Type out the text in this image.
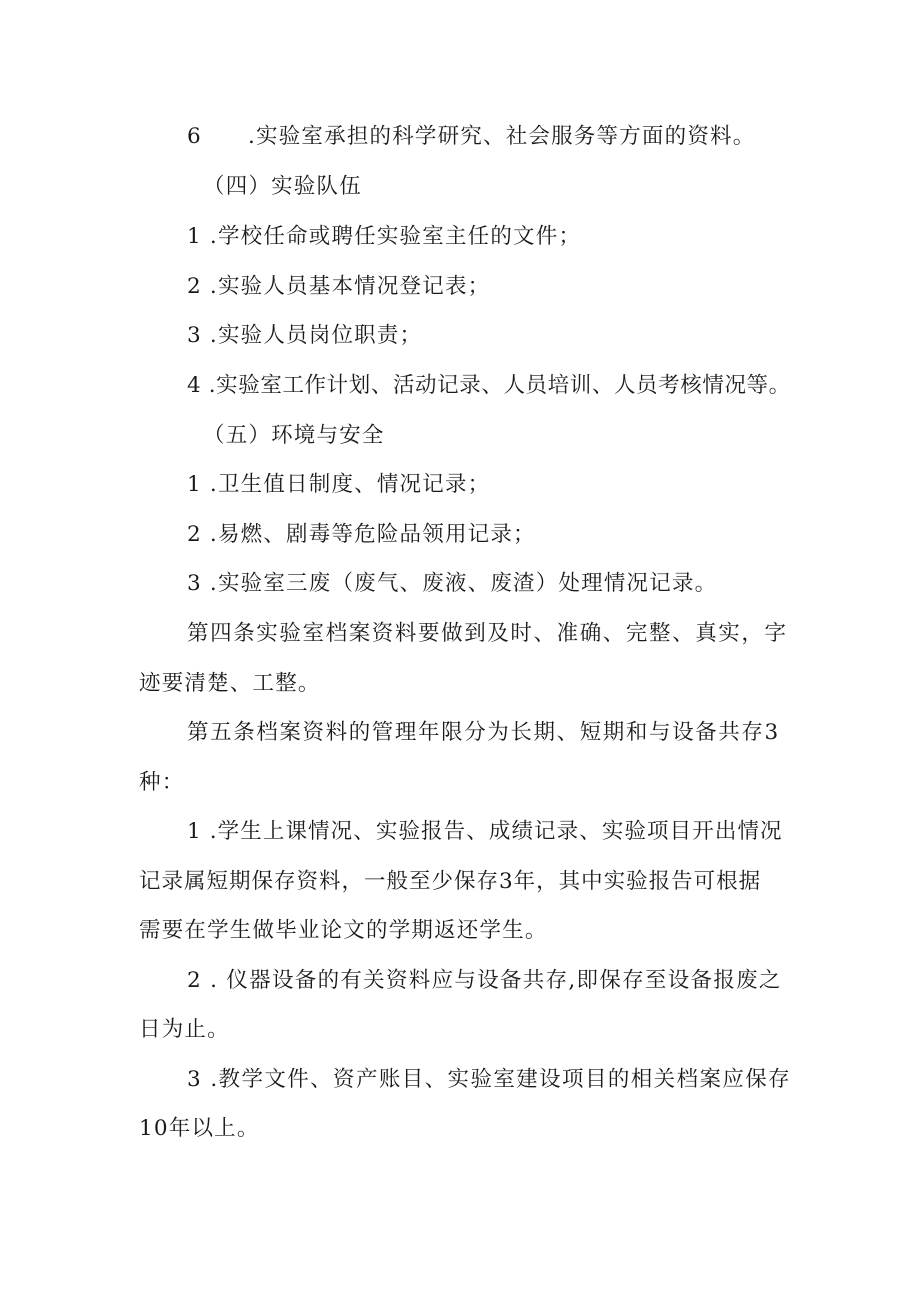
6 .实验室承担的科学研究、社会服务等方面的资料。
（四）实验队伍
1 .学校任命或聘任实验室主任的文件；
2 .实验人员基本情况登记表；
3 .实验人员岗位职责；
4 .实验室工作计划、活动记录、人员培训、人员考核情况等。
（五）环境与安全
1 .卫生值日制度、情况记录；
2 .易燃、剧毒等危险品领用记录；
3 .实验室三废（废气、废液、废渣）处理情况记录。
第四条实验室档案资料要做到及时、准确、完整、真实，字
迹要清楚、工整。
第五条档案资料的管理年限分为长期、短期和与设备共存3
种：
1 .学生上课情况、实验报告、成绩记录、实验项目开出情况
记录属短期保存资料，一般至少保存3年，其中实验报告可根据
需要在学生做毕业论文的学期返还学生。
2 . 仪器设备的有关资料应与设备共存,即保存至设备报废之
日为止。
3 .教学文件、资产账目、实验室建设项目的相关档案应保存
10年以上。
